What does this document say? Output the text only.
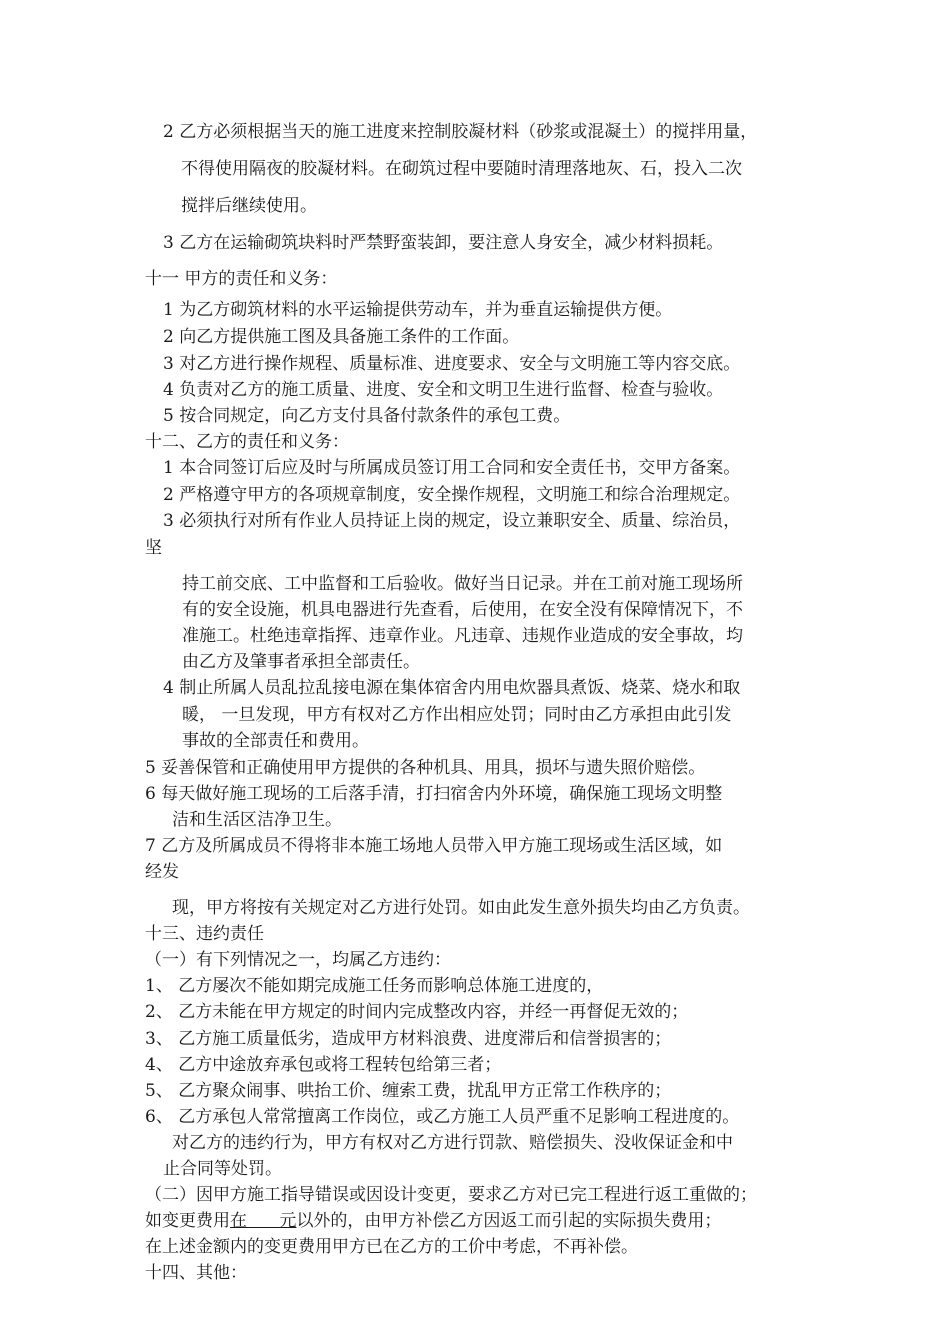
2 乙方必须根据当天的施工进度来控制胶凝材料（砂浆或混凝土）的搅拌用量，
不得使用隔夜的胶凝材料。在砌筑过程中要随时清理落地灰、石，投入二次
搅拌后继续使用。
3 乙方在运输砌筑块料时严禁野蛮装卸，要注意人身安全，减少材料损耗。
十一 甲方的责任和义务：
1 为乙方砌筑材料的水平运输提供劳动车，并为垂直运输提供方便。
2 向乙方提供施工图及具备施工条件的工作面。
3 对乙方进行操作规程、质量标准、进度要求、安全与文明施工等内容交底。
4 负责对乙方的施工质量、进度、安全和文明卫生进行监督、检查与验收。
5 按合同规定，向乙方支付具备付款条件的承包工费。
十二、乙方的责任和义务：
1 本合同签订后应及时与所属成员签订用工合同和安全责任书，交甲方备案。
2 严格遵守甲方的各项规章制度，安全操作规程，文明施工和综合治理规定。
3 必须执行对所有作业人员持证上岗的规定，设立兼职安全、质量、综治员，
坚
持工前交底、工中监督和工后验收。做好当日记录。并在工前对施工现场所
有的安全设施，机具电器进行先查看，后使用，在安全没有保障情况下，不
准施工。杜绝违章指挥、违章作业。凡违章、违规作业造成的安全事故，均
由乙方及肇事者承担全部责任。
4 制止所属人员乱拉乱接电源在集体宿舍内用电炊器具煮饭、烧菜、烧水和取
暖， 一旦发现，甲方有权对乙方作出相应处罚；同时由乙方承担由此引发
事故的全部责任和费用。
5 妥善保管和正确使用甲方提供的各种机具、用具，损坏与遗失照价赔偿。
6 每天做好施工现场的工后落手清，打扫宿舍内外环境，确保施工现场文明整
洁和生活区洁净卫生。
7 乙方及所属成员不得将非本施工场地人员带入甲方施工现场或生活区域，如
经发
现，甲方将按有关规定对乙方进行处罚。如由此发生意外损失均由乙方负责。
十三、违约责任
（一）有下列情况之一，均属乙方违约：
1、 乙方屡次不能如期完成施工任务而影响总体施工进度的，
2、 乙方未能在甲方规定的时间内完成整改内容，并经一再督促无效的；
3、 乙方施工质量低劣，造成甲方材料浪费、进度滞后和信誉损害的；
4、 乙方中途放弃承包或将工程转包给第三者；
5、 乙方聚众闹事、哄抬工价、缠索工费，扰乱甲方正常工作秩序的；
6、 乙方承包人常常擅离工作岗位，或乙方施工人员严重不足影响工程进度的。
对乙方的违约行为，甲方有权对乙方进行罚款、赔偿损失、没收保证金和中
止合同等处罚。
（二）因甲方施工指导错误或因设计变更，要求乙方对已完工程进行返工重做的；
如变更费用在      元以外的，由甲方补偿乙方因返工而引起的实际损失费用；
在上述金额内的变更费用甲方已在乙方的工价中考虑，不再补偿。
十四、其他：
